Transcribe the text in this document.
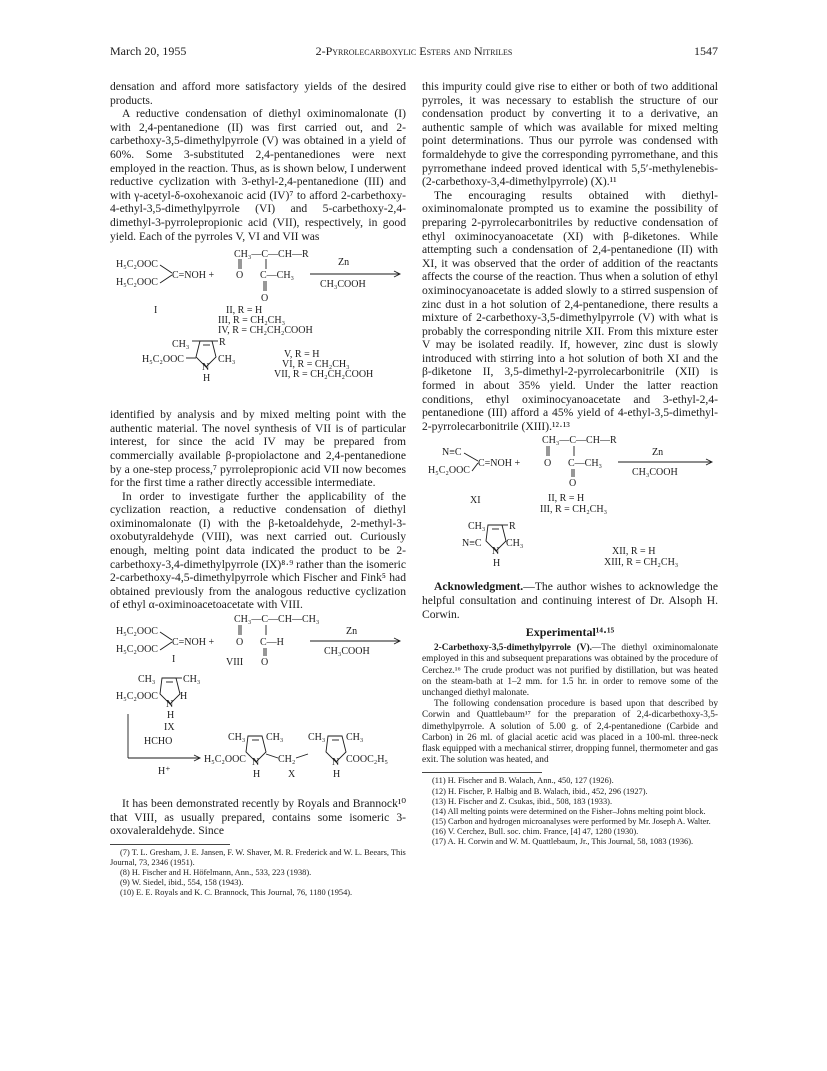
March 20, 1955	2-Pyrrolecarboxylic Esters and Nitriles	1547

densation and afford more satisfactory yields of the desired products.

A reductive condensation of diethyl oximinomalonate (I) with 2,4-pentanedione (II) was first carried out, and 2-carbethoxy-3,5-dimethylpyrrole (V) was obtained in a yield of 60%. Some 3-substituted 2,4-pentanediones were next employed in the reaction. Thus, as is shown below, I underwent reductive cyclization with 3-ethyl-2,4-pentanedione (III) and with γ-acetyl-δ-oxohexanoic acid (IV)⁷ to afford 2-carbethoxy-4-ethyl-3,5-dimethylpyrrole (VI) and 5-carbethoxy-2,4-dimethyl-3-pyrrolepropionic acid (VII), respectively, in good yield. Each of the pyrroles V, VI and VII was

H₅C₂OOC
H₅C₂OOC
C=NOH +
CH₃—C—CH—R
O C—CH₃
O
Zn
CH₃COOH
I	II, R = H
III, R = CH₂CH₃
IV, R = CH₂CH₂COOH
CH₃	R
H₅C₂OOC	CH₃
N
H
V, R = H
VI, R = CH₂CH₃
VII, R = CH₂CH₂COOH

identified by analysis and by mixed melting point with the authentic material. The novel synthesis of VII is of particular interest, for since the acid IV may be prepared from commercially available β-propiolactone and 2,4-pentanedione by a one-step process,⁷ pyrrolepropionic acid VII now becomes for the first time a rather directly accessible intermediate.

In order to investigate further the applicability of the cyclization reaction, a reductive condensation of diethyl oximinomalonate (I) with the β-ketoaldehyde, 2-methyl-3-oxobutyraldehyde (VIII), was next carried out. Curiously enough, melting point data indicated the product to be 2-carbethoxy-3,4-dimethylpyrrole (IX)⁸·⁹ rather than the isomeric 2-carbethoxy-4,5-dimethylpyrrole which Fischer and Fink⁵ had obtained previously from the analogous reductive cyclization of ethyl α-oximinoacetoacetate with VIII.

H₅C₂OOC
H₅C₂OOC
C=NOH +
CH₃—C—CH—CH₃
O C—H
O
Zn
CH₃COOH
I	VIII
CH₃	CH₃
H₅C₂OOC H
N
H
IX
HCHO
H⁺
CH₃ CH₃
H₅C₂OOC N
H
CH₂
X
CH₃ CH₃
COOC₂H₅
N
H

It has been demonstrated recently by Royals and Brannock¹⁰ that VIII, as usually prepared, contains some isomeric 3-oxovaleraldehyde. Since

(7) T. L. Gresham, J. E. Jansen, F. W. Shaver, M. R. Frederick and W. L. Beears, This Journal, 73, 2346 (1951).

(8) H. Fischer and H. Höfelmann, Ann., 533, 223 (1938).

(9) W. Siedel, ibid., 554, 158 (1943).

(10) E. E. Royals and K. C. Brannock, This Journal, 76, 1180 (1954).

this impurity could give rise to either or both of two additional pyrroles, it was necessary to establish the structure of our condensation product by converting it to a derivative, an authentic sample of which was available for mixed melting point determinations. Thus our pyrrole was condensed with formaldehyde to give the corresponding pyrromethane, and this pyrromethane indeed proved identical with 5,5′-methylenebis-(2-carbethoxy-3,4-dimethylpyrrole) (X).¹¹

The encouraging results obtained with diethyl-oximinomalonate prompted us to examine the possibility of preparing 2-pyrrolecarbonitriles by reductive condensation of ethyl oximinocyanoacetate (XI) with β-diketones. While attempting such a condensation of 2,4-pentanedione (II) with XI, it was observed that the order of addition of the reactants affects the course of the reaction. Thus when a solution of ethyl oximinocyanoacetate is added slowly to a stirred suspension of zinc dust in a hot solution of 2,4-pentanedione, there results a mixture of 2-carbethoxy-3,5-dimethylpyrrole (V) with what is probably the corresponding nitrile XII. From this mixture ester V may be isolated readily. If, however, zinc dust is slowly introduced with stirring into a hot solution of both XI and the β-diketone II, 3,5-dimethyl-2-pyrrolecarbonitrile (XII) is formed in about 35% yield. Under the latter reaction conditions, ethyl oximinocyanoacetate and 3-ethyl-2,4-pentanedione (III) afford a 45% yield of 4-ethyl-3,5-dimethyl-2-pyrrolecarbonitrile (XIII).¹²·¹³

N≡C
H₅C₂OOC
C=NOH +
CH₃—C—CH—R
O C—CH₃
O
Zn
CH₃COOH
XI	II, R = H
III, R = CH₂CH₃
CH₃ R
N≡C CH₃
N
H
XII, R = H
XIII, R = CH₂CH₃

Acknowledgment.—The author wishes to acknowledge the helpful consultation and continuing interest of Dr. Alsoph H. Corwin.

Experimental¹⁴·¹⁵

2-Carbethoxy-3,5-dimethylpyrrole (V).—The diethyl oximinomalonate employed in this and subsequent preparations was obtained by the procedure of Cerchez.¹⁶ The crude product was not purified by distillation, but was heated on the steam-bath at 1–2 mm. for 1.5 hr. in order to remove some of the unchanged diethyl malonate.

The following condensation procedure is based upon that described by Corwin and Quattlebaum¹⁷ for the preparation of 2,4-dicarbethoxy-3,5-dimethylpyrrole. A solution of 5.00 g. of 2,4-pentanedione (Carbide and Carbon) in 26 ml. of glacial acetic acid was placed in a 100-ml. three-neck flask equipped with a mechanical stirrer, dropping funnel, thermometer and gas exit. The solution was heated, and

(11) H. Fischer and B. Walach, Ann., 450, 127 (1926).

(12) H. Fischer, P. Halbig and B. Walach, ibid., 452, 296 (1927).

(13) H. Fischer and Z. Csukas, ibid., 508, 183 (1933).

(14) All melting points were determined on the Fisher–Johns melting point block.

(15) Carbon and hydrogen microanalyses were performed by Mr. Joseph A. Walter.

(16) V. Cerchez, Bull. soc. chim. France, [4] 47, 1280 (1930).

(17) A. H. Corwin and W. M. Quattlebaum, Jr., This Journal, 58, 1083 (1936).
